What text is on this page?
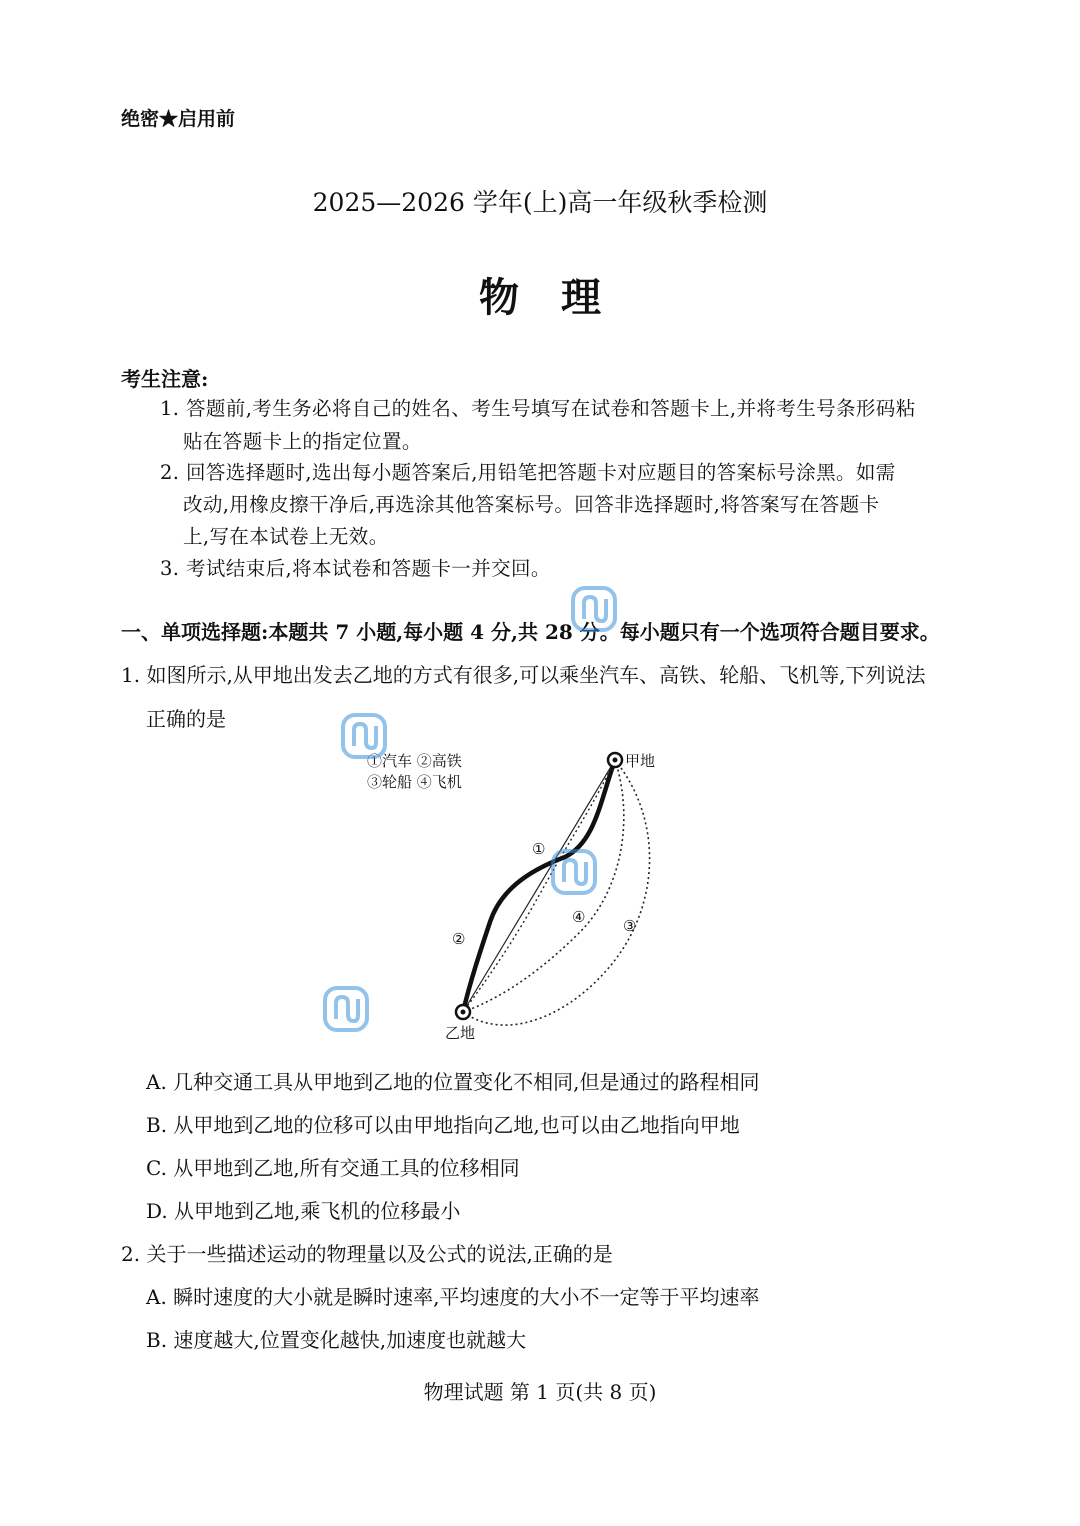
绝密★启用前
2025—2026 学年(上)高一年级秋季检测
物理
考生注意:
1. 答题前,考生务必将自己的姓名、考生号填写在试卷和答题卡上,并将考生号条形码粘
贴在答题卡上的指定位置。
2. 回答选择题时,选出每小题答案后,用铅笔把答题卡对应题目的答案标号涂黑。如需
改动,用橡皮擦干净后,再选涂其他答案标号。回答非选择题时,将答案写在答题卡
上,写在本试卷上无效。
3. 考试结束后,将本试卷和答题卡一并交回。
一、单项选择题:本题共 7 小题,每小题 4 分,共 28 分。每小题只有一个选项符合题目要求。
1. 如图所示,从甲地出发去乙地的方式有很多,可以乘坐汽车、高铁、轮船、飞机等,下列说法
正确的是
①汽车 ②高铁
③轮船 ④飞机
甲地
乙地
①
②
③
④
A. 几种交通工具从甲地到乙地的位置变化不相同,但是通过的路程相同
B. 从甲地到乙地的位移可以由甲地指向乙地,也可以由乙地指向甲地
C. 从甲地到乙地,所有交通工具的位移相同
D. 从甲地到乙地,乘飞机的位移最小
2. 关于一些描述运动的物理量以及公式的说法,正确的是
A. 瞬时速度的大小就是瞬时速率,平均速度的大小不一定等于平均速率
B. 速度越大,位置变化越快,加速度也就越大
物理试题 第 1 页(共 8 页)
